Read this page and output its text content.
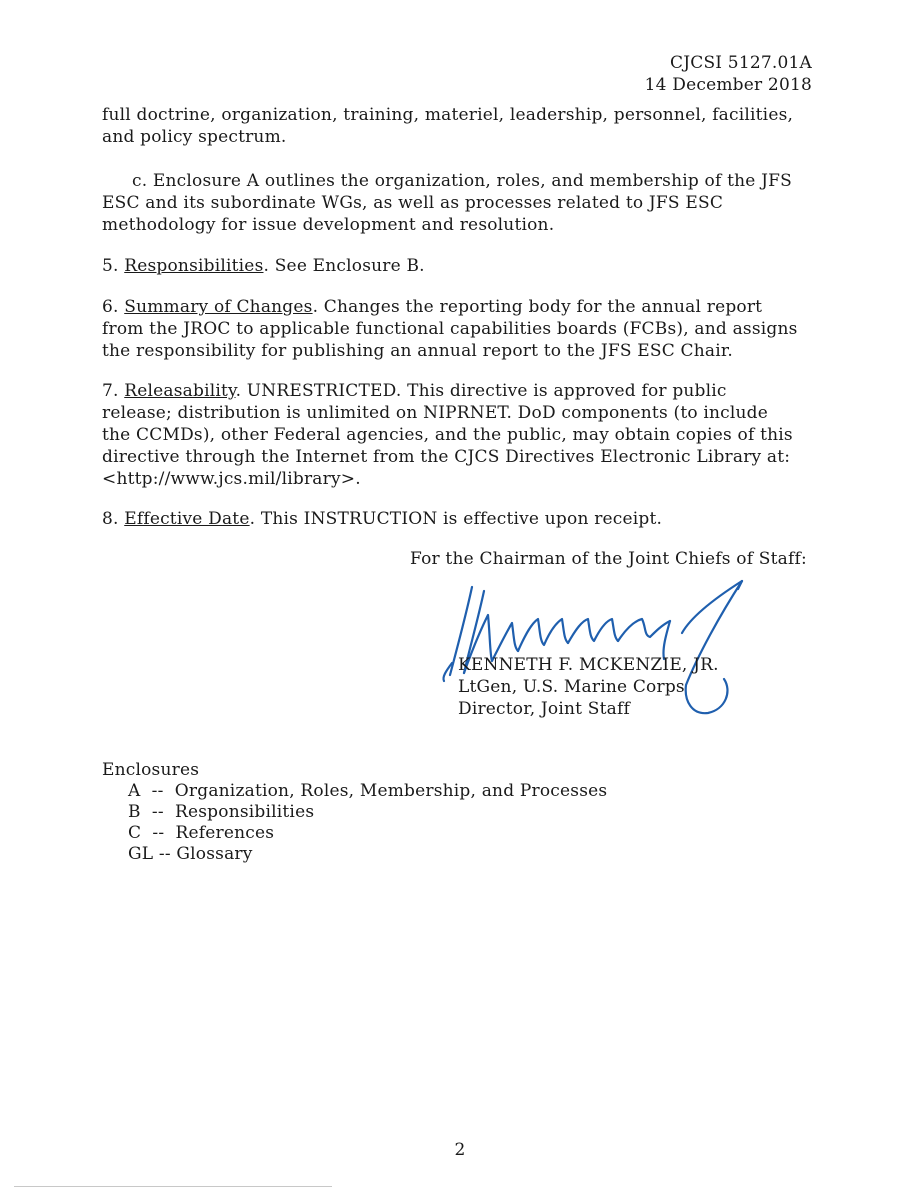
CJCSI 5127.01A
14 December 2018
full doctrine, organization, training, materiel, leadership, personnel, facilities,
and policy spectrum.
c. Enclosure A outlines the organization, roles, and membership of the JFS
ESC and its subordinate WGs, as well as processes related to JFS ESC
methodology for issue development and resolution.
5. Responsibilities. See Enclosure B.
6. Summary of Changes. Changes the reporting body for the annual report
from the JROC to applicable functional capabilities boards (FCBs), and assigns
the responsibility for publishing an annual report to the JFS ESC Chair.
7. Releasability. UNRESTRICTED. This directive is approved for public
release; distribution is unlimited on NIPRNET. DoD components (to include
the CCMDs), other Federal agencies, and the public, may obtain copies of this
directive through the Internet from the CJCS Directives Electronic Library at:
<http://www.jcs.mil/library>.
8. Effective Date. This INSTRUCTION is effective upon receipt.
For the Chairman of the Joint Chiefs of Staff:
KENNETH F. MCKENZIE, JR.
LtGen, U.S. Marine Corps
Director, Joint Staff
Enclosures
A  --  Organization, Roles, Membership, and Processes
B  --  Responsibilities
C  --  References
GL -- Glossary
2
